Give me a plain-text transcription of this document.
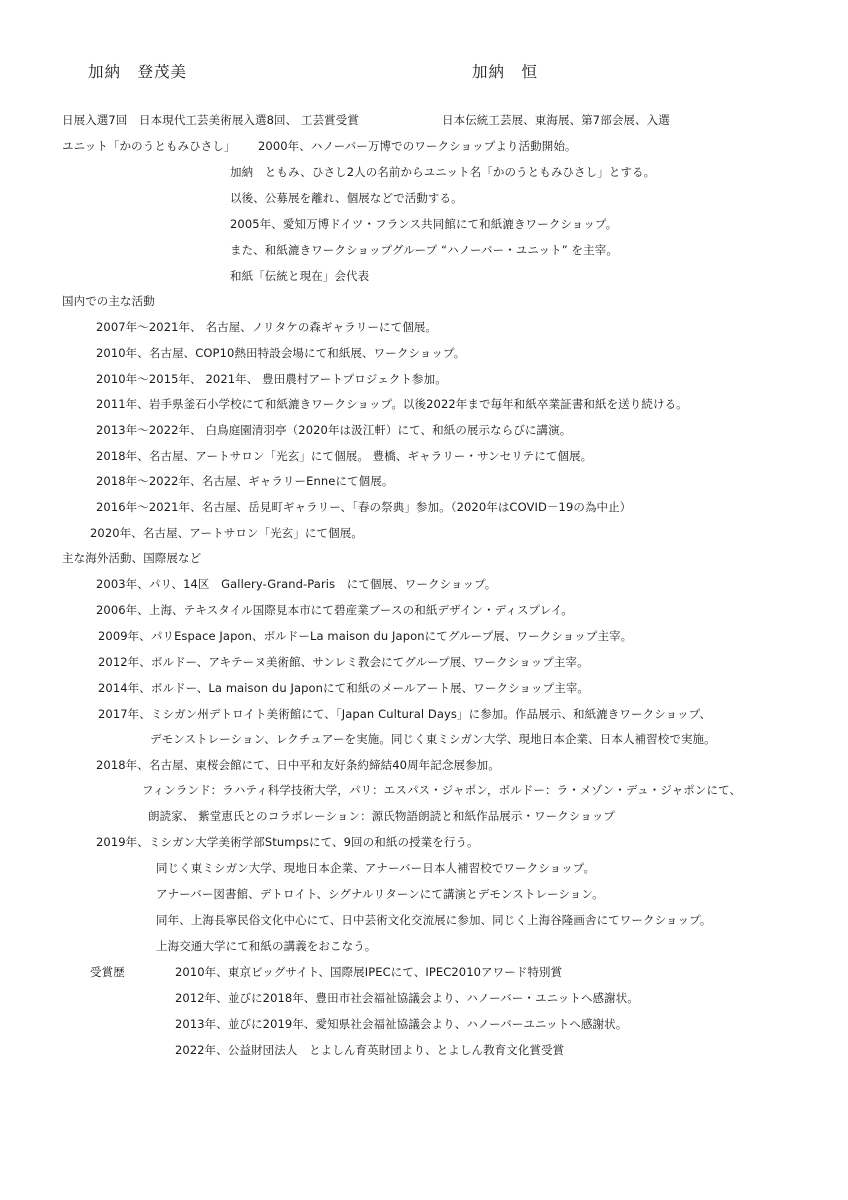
加納　登茂美	加納　恒
日展入選7回　日本現代工芸美術展入選8回、 工芸賞受賞	日本伝統工芸展、東海展、第7部会展、入選
ユニット「かのうともみひさし」 2000年、ハノーバー万博でのワークショップより活動開始。
加納　ともみ、ひさし2人の名前からユニット名「かのうともみひさし」とする。
以後、公募展を離れ、個展などで活動する。
2005年、愛知万博ドイツ・フランス共同館にて和紙漉きワークショップ。
また、和紙漉きワークショップグループ “ハノーバー・ユニット” を主宰。
和紙「伝統と現在」会代表
国内での主な活動
2007年～2021年、 名古屋、ノリタケの森ギャラリーにて個展。
2010年、名古屋、COP10熱田特設会場にて和紙展、ワークショップ。
2010年～2015年、 2021年、 豊田農村アートプロジェクト参加。
2011年、岩手県釜石小学校にて和紙漉きワークショップ。以後2022年まで毎年和紙卒業証書和紙を送り続ける。
2013年～2022年、 白鳥庭園清羽亭（2020年は汲江軒）にて、和紙の展示ならびに講演。
2018年、名古屋、アートサロン「光玄」にて個展。 豊橋、ギャラリー・サンセリテにて個展。
2018年～2022年、名古屋、ギャラリーEnneにて個展。
2016年～2021年、名古屋、岳見町ギャラリー、「春の祭典」参加。（2020年はCOVID－19の為中止）
2020年、名古屋、アートサロン「光玄」にて個展。
主な海外活動、国際展など
2003年、パリ、14区　Gallery-Grand-Paris　にて個展、ワークショップ。
2006年、上海、テキスタイル国際見本市にて碧産業ブースの和紙デザイン・ディスプレイ。
2009年、パリEspace Japon、ボルドーLa maison du Japonにてグループ展、ワークショップ主宰。
2012年、ボルドー、アキテーヌ美術館、サンレミ教会にてグループ展、ワークショップ主宰。
2014年、ボルドー、La maison du Japonにて和紙のメールアート展、ワークショップ主宰。
2017年、ミシガン州デトロイト美術館にて、「Japan Cultural Days」に参加。作品展示、和紙漉きワークショップ、
デモンストレーション、レクチュアーを実施。同じく東ミシガン大学、現地日本企業、日本人補習校で実施。
2018年、名古屋、東桜会館にて、日中平和友好条約締結40周年記念展参加。
フィンランド：ラハティ科学技術大学，パリ：エスパス・ジャポン，ボルドー：ラ・メゾン・デュ・ジャポンにて、
朗読家、 紫堂恵氏とのコラボレーション：源氏物語朗読と和紙作品展示・ワークショップ
2019年、ミシガン大学美術学部Stumpsにて、9回の和紙の授業を行う。
同じく東ミシガン大学、現地日本企業、アナーバー日本人補習校でワークショップ。
アナーバー図書館、デトロイト、シグナルリターンにて講演とデモンストレーション。
同年、上海長寧民俗文化中心にて、日中芸術文化交流展に参加、同じく上海谷隆画舎にてワークショップ。
上海交通大学にて和紙の講義をおこなう。
受賞歴	2010年、東京ビッグサイト、国際展IPECにて、IPEC2010アワード特別賞
2012年、並びに2018年、豊田市社会福祉協議会より、ハノーバー・ユニットへ感謝状。
2013年、並びに2019年、愛知県社会福祉協議会より、ハノーバーユニットへ感謝状。
2022年、公益財団法人　とよしん育英財団より、とよしん教育文化賞受賞
